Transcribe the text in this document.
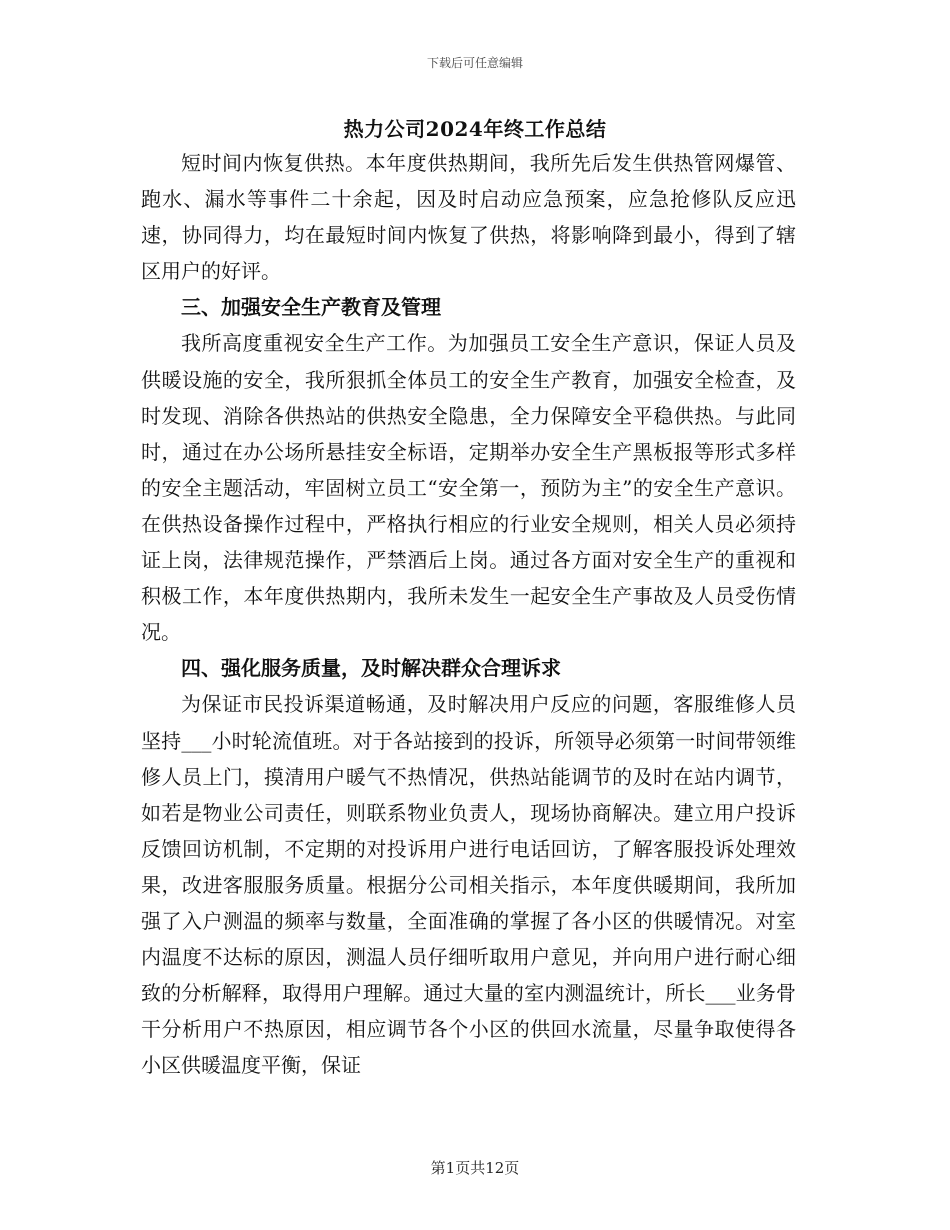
下载后可任意编辑
热力公司2024年终工作总结

短时间内恢复供热。本年度供热期间，我所先后发生供热管网爆管、跑水、漏水等事件二十余起，因及时启动应急预案，应急抢修队反应迅速，协同得力，均在最短时间内恢复了供热，将影响降到最小，得到了辖区用户的好评。

三、加强安全生产教育及管理

我所高度重视安全生产工作。为加强员工安全生产意识，保证人员及供暖设施的安全，我所狠抓全体员工的安全生产教育，加强安全检查，及时发现、消除各供热站的供热安全隐患，全力保障安全平稳供热。与此同时，通过在办公场所悬挂安全标语，定期举办安全生产黑板报等形式多样的安全主题活动，牢固树立员工“安全第一，预防为主”的安全生产意识。在供热设备操作过程中，严格执行相应的行业安全规则，相关人员必须持证上岗，法律规范操作，严禁酒后上岗。通过各方面对安全生产的重视和积极工作，本年度供热期内，我所未发生一起安全生产事故及人员受伤情况。

四、强化服务质量，及时解决群众合理诉求

为保证市民投诉渠道畅通，及时解决用户反应的问题，客服维修人员坚持___小时轮流值班。对于各站接到的投诉，所领导必须第一时间带领维修人员上门，摸清用户暖气不热情况，供热站能调节的及时在站内调节，如若是物业公司责任，则联系物业负责人，现场协商解决。建立用户投诉反馈回访机制，不定期的对投诉用户进行电话回访，了解客服投诉处理效果，改进客服服务质量。根据分公司相关指示，本年度供暖期间，我所加强了入户测温的频率与数量，全面准确的掌握了各小区的供暖情况。对室内温度不达标的原因，测温人员仔细听取用户意见，并向用户进行耐心细致的分析解释，取得用户理解。通过大量的室内测温统计，所长___业务骨干分析用户不热原因，相应调节各个小区的供回水流量，尽量争取使得各小区供暖温度平衡，保证

第1页共12页
